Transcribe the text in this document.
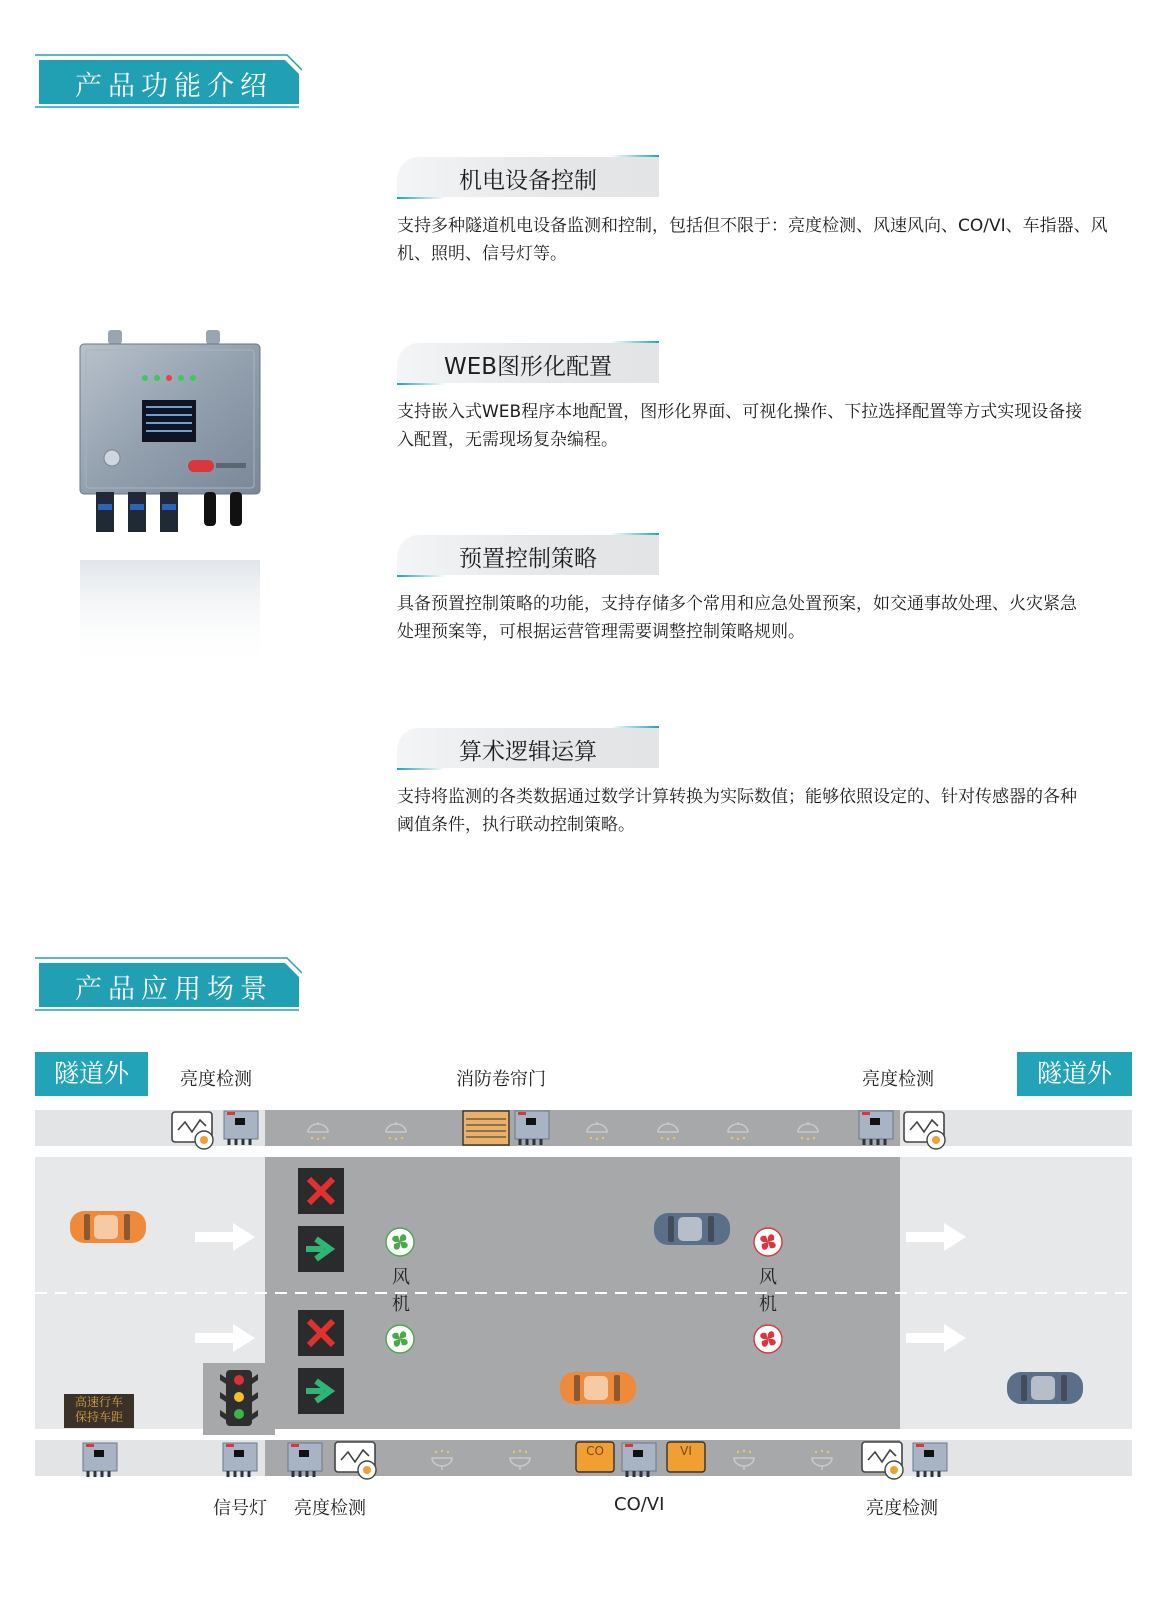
产品功能介绍
机电设备控制
支持多种隧道机电设备监测和控制，包括但不限于：亮度检测、风速风向、CO/VI、车指器、风
机、照明、信号灯等。
WEB图形化配置
支持嵌入式WEB程序本地配置，图形化界面、可视化操作、下拉选择配置等方式实现设备接
入配置，无需现场复杂编程。
预置控制策略
具备预置控制策略的功能，支持存储多个常用和应急处置预案，如交通事故处理、火灾紧急
处理预案等，可根据运营管理需要调整控制策略规则。
算术逻辑运算
支持将监测的各类数据通过数学计算转换为实际数值；能够依照设定的、针对传感器的各种
阈值条件，执行联动控制策略。
产品应用场景
隧道外	隧道外
亮度检测	消防卷帘门	亮度检测
风
机
风
机
高速行车
保持车距
CO	VI
信号灯 亮度检测	CO/VI	亮度检测
